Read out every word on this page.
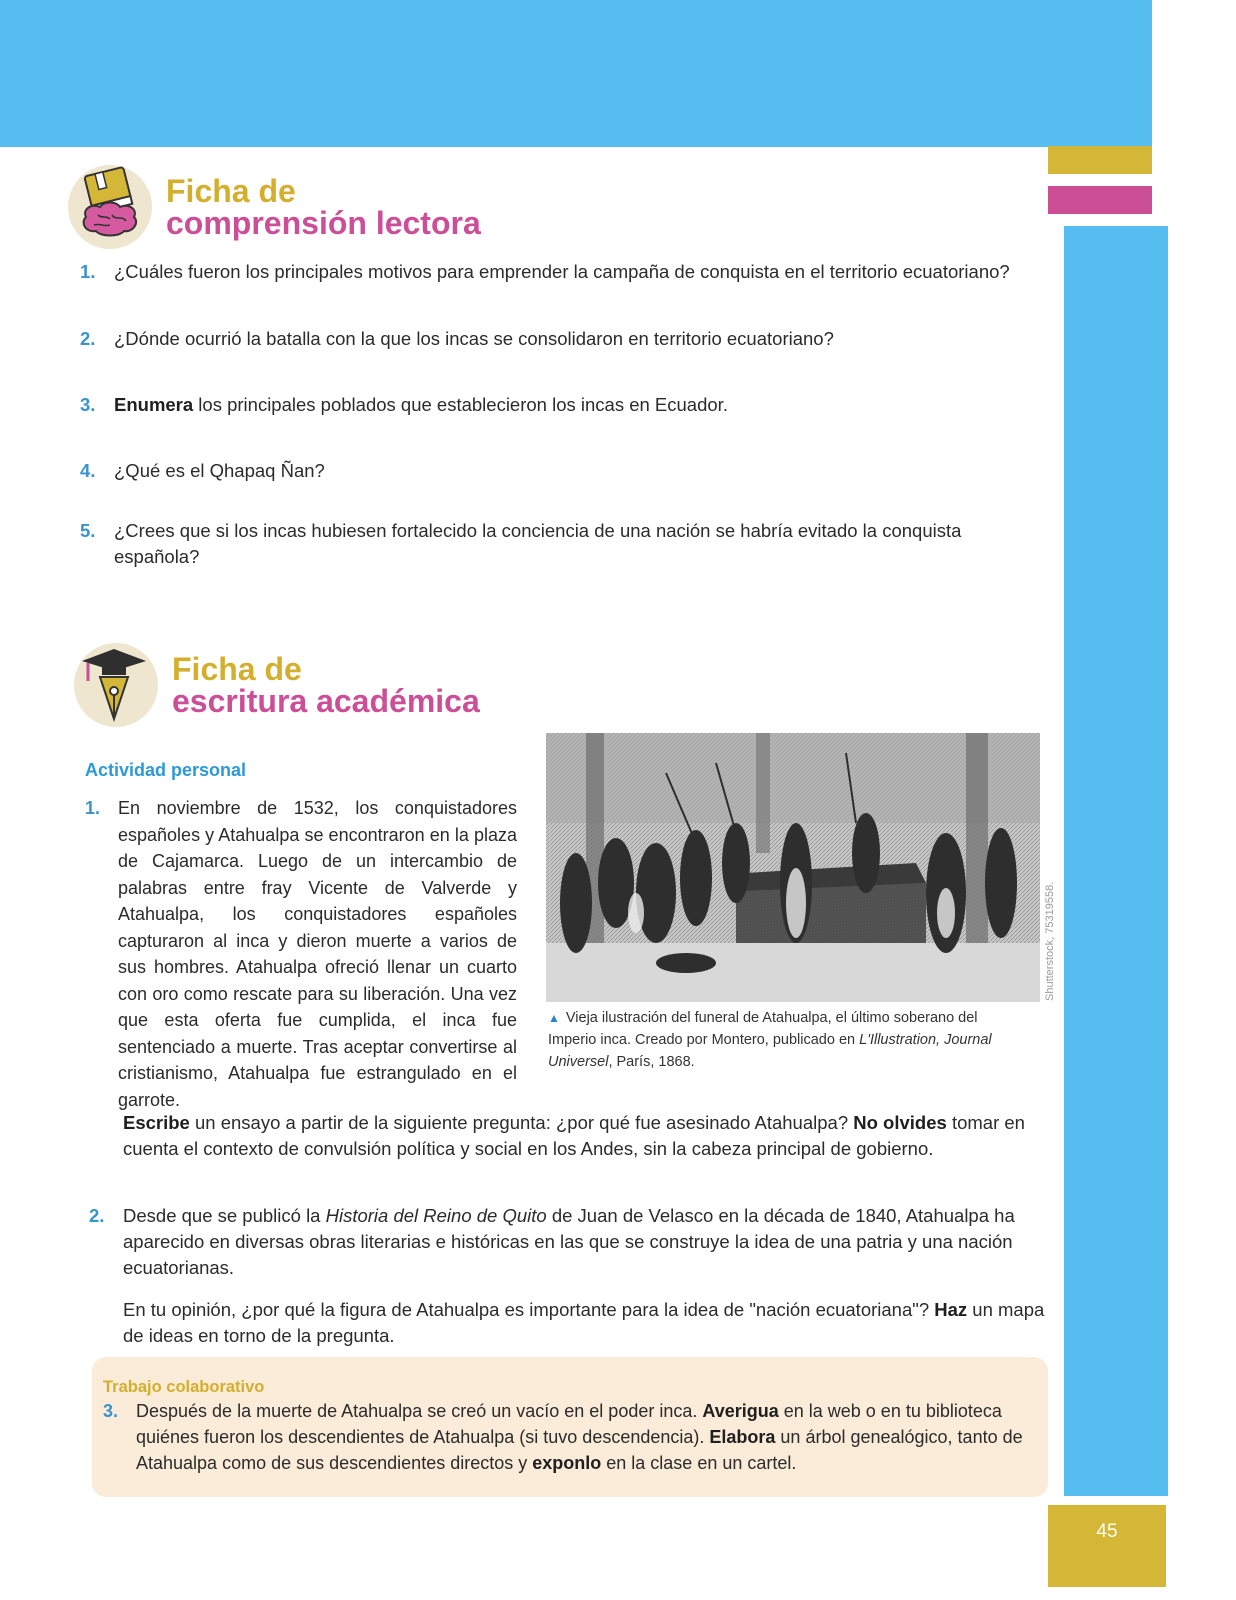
45
Ficha de
comprensión lectora
1. ¿Cuáles fueron los principales motivos para emprender la campaña de conquista en el territorio ecuatoriano?
2. ¿Dónde ocurrió la batalla con la que los incas se consolidaron en territorio ecuatoriano?
3. Enumera los principales poblados que establecieron los incas en Ecuador.
4. ¿Qué es el Qhapaq Ñan?
5. ¿Crees que si los incas hubiesen fortalecido la conciencia de una nación se habría evitado la conquista española?
Ficha de
escritura académica
Actividad personal
1. En noviembre de 1532, los conquistadores españoles y Atahualpa se encontraron en la plaza de Cajamarca. Luego de un intercambio de palabras entre fray Vicente de Valverde y Atahualpa, los conquistadores españoles capturaron al inca y dieron muerte a varios de sus hombres. Atahualpa ofreció llenar un cuarto con oro como rescate para su liberación. Una vez que esta oferta fue cumplida, el inca fue sentenciado a muerte. Tras aceptar convertirse al cristianismo, Atahualpa fue estrangulado en el garrote.
Shutterstock, 75319558.
▲ Vieja ilustración del funeral de Atahualpa, el último soberano del Imperio inca. Creado por Montero, publicado en L'Illustration, Journal Universel, París, 1868.
Escribe un ensayo a partir de la siguiente pregunta: ¿por qué fue asesinado Atahualpa? No olvides tomar en cuenta el contexto de convulsión política y social en los Andes, sin la cabeza principal de gobierno.
2. Desde que se publicó la Historia del Reino de Quito de Juan de Velasco en la década de 1840, Atahualpa ha aparecido en diversas obras literarias e históricas en las que se construye la idea de una patria y una nación ecuatorianas.
En tu opinión, ¿por qué la figura de Atahualpa es importante para la idea de "nación ecuatoriana"? Haz un mapa de ideas en torno de la pregunta.
Trabajo colaborativo
3. Después de la muerte de Atahualpa se creó un vacío en el poder inca. Averigua en la web o en tu biblioteca quiénes fueron los descendientes de Atahualpa (si tuvo descendencia). Elabora un árbol genealógico, tanto de Atahualpa como de sus descendientes directos y exponlo en la clase en un cartel.
